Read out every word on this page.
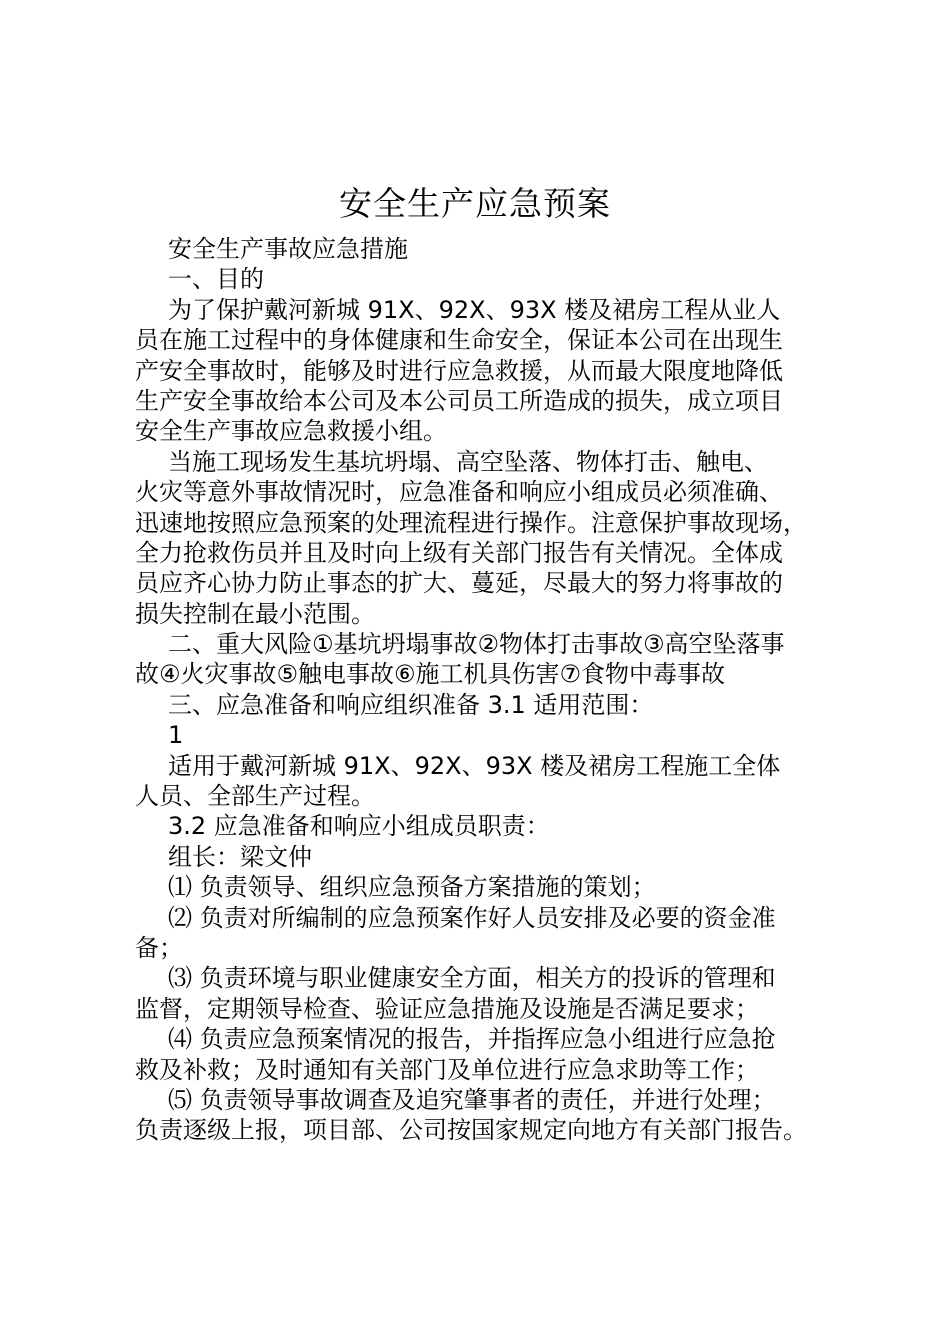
安全生产应急预案
安全生产事故应急措施
一、目的
为了保护戴河新城 91X、92X、93X 楼及裙房工程从业人
员在施工过程中的身体健康和生命安全，保证本公司在出现生
产安全事故时，能够及时进行应急救援，从而最大限度地降低
生产安全事故给本公司及本公司员工所造成的损失，成立项目
安全生产事故应急救援小组。
当施工现场发生基坑坍塌、高空坠落、物体打击、触电、
火灾等意外事故情况时，应急准备和响应小组成员必须准确、
迅速地按照应急预案的处理流程进行操作。注意保护事故现场，
全力抢救伤员并且及时向上级有关部门报告有关情况。全体成
员应齐心协力防止事态的扩大、蔓延，尽最大的努力将事故的
损失控制在最小范围。
二、重大风险①基坑坍塌事故②物体打击事故③高空坠落事
故④火灾事故⑤触电事故⑥施工机具伤害⑦食物中毒事故
三、应急准备和响应组织准备 3.1 适用范围：
1
适用于戴河新城 91X、92X、93X 楼及裙房工程施工全体
人员、全部生产过程。
3.2 应急准备和响应小组成员职责：
组长：梁文仲
⑴ 负责领导、组织应急预备方案措施的策划；
⑵ 负责对所编制的应急预案作好人员安排及必要的资金准
备；
⑶ 负责环境与职业健康安全方面，相关方的投诉的管理和
监督，定期领导检查、验证应急措施及设施是否满足要求；
⑷ 负责应急预案情况的报告，并指挥应急小组进行应急抢
救及补救；及时通知有关部门及单位进行应急求助等工作；
⑸ 负责领导事故调查及追究肇事者的责任，并进行处理；
负责逐级上报，项目部、公司按国家规定向地方有关部门报告。
